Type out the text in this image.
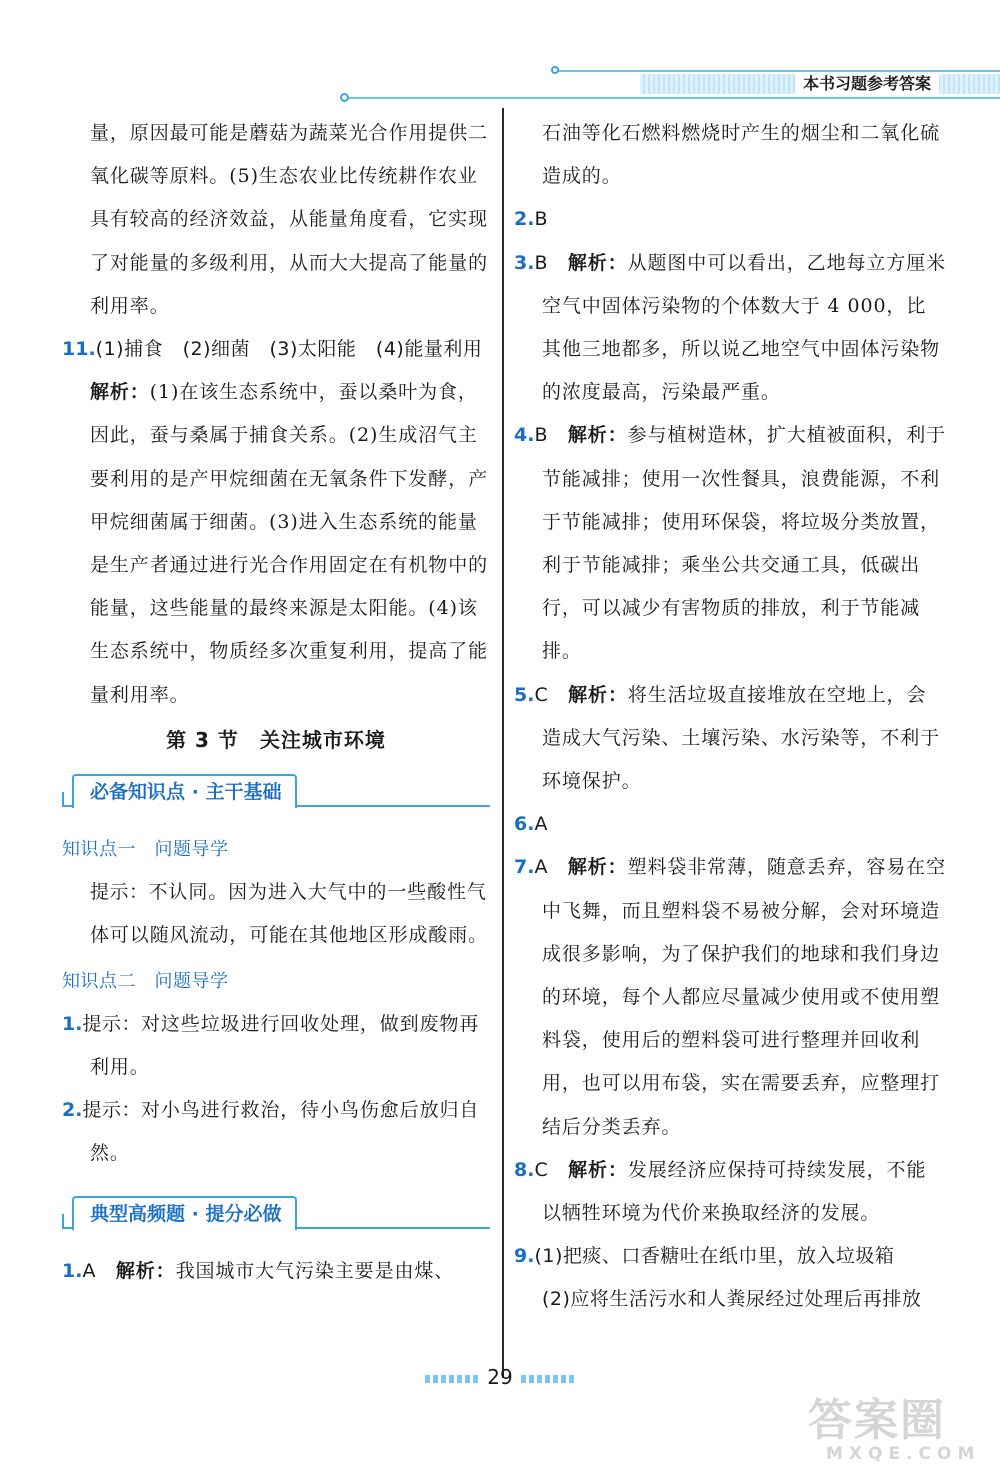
本书习题参考答案

量，原因最可能是蘑菇为蔬菜光合作用提供二氧化碳等原料。(5)生态农业比传统耕作农业具有较高的经济效益，从能量角度看，它实现了对能量的多级利用，从而大大提高了能量的利用率。

11.(1)捕食　(2)细菌　(3)太阳能　(4)能量利用

解析：(1)在该生态系统中，蚕以桑叶为食，因此，蚕与桑属于捕食关系。(2)生成沼气主要利用的是产甲烷细菌在无氧条件下发酵，产甲烷细菌属于细菌。(3)进入生态系统的能量是生产者通过进行光合作用固定在有机物中的能量，这些能量的最终来源是太阳能。(4)该生态系统中，物质经多次重复利用，提高了能量利用率。

第 3 节　关注城市环境
必备知识点 · 主干基础

知识点一　问题导学

提示：不认同。因为进入大气中的一些酸性气体可以随风流动，可能在其他地区形成酸雨。

知识点二　问题导学

1.提示：对这些垃圾进行回收处理，做到废物再利用。

2.提示：对小鸟进行救治，待小鸟伤愈后放归自然。

典型高频题 · 提分必做

1.A　 解析：我国城市大气污染主要是由煤、

石油等化石燃料燃烧时产生的烟尘和二氧化硫造成的。

2.B

3.B　 解析：从题图中可以看出，乙地每立方厘米空气中固体污染物的个体数大于 4 000，比其他三地都多，所以说乙地空气中固体污染物的浓度最高，污染最严重。

4.B　 解析：参与植树造林，扩大植被面积，利于节能减排；使用一次性餐具，浪费能源，不利于节能减排；使用环保袋，将垃圾分类放置，利于节能减排；乘坐公共交通工具，低碳出行，可以减少有害物质的排放，利于节能减排。

5.C　 解析：将生活垃圾直接堆放在空地上，会造成大气污染、土壤污染、水污染等，不利于环境保护。

6.A

7.A　 解析：塑料袋非常薄，随意丢弃，容易在空中飞舞，而且塑料袋不易被分解，会对环境造成很多影响，为了保护我们的地球和我们身边的环境，每个人都应尽量减少使用或不使用塑料袋，使用后的塑料袋可进行整理并回收利用，也可以用布袋，实在需要丢弃，应整理打结后分类丢弃。

8.C　 解析：发展经济应保持可持续发展，不能以牺牲环境为代价来换取经济的发展。

9.(1)把痰、口香糖吐在纸巾里，放入垃圾箱

(2)应将生活污水和人粪尿经过处理后再排放

29
答案圈
MXQE.COM
